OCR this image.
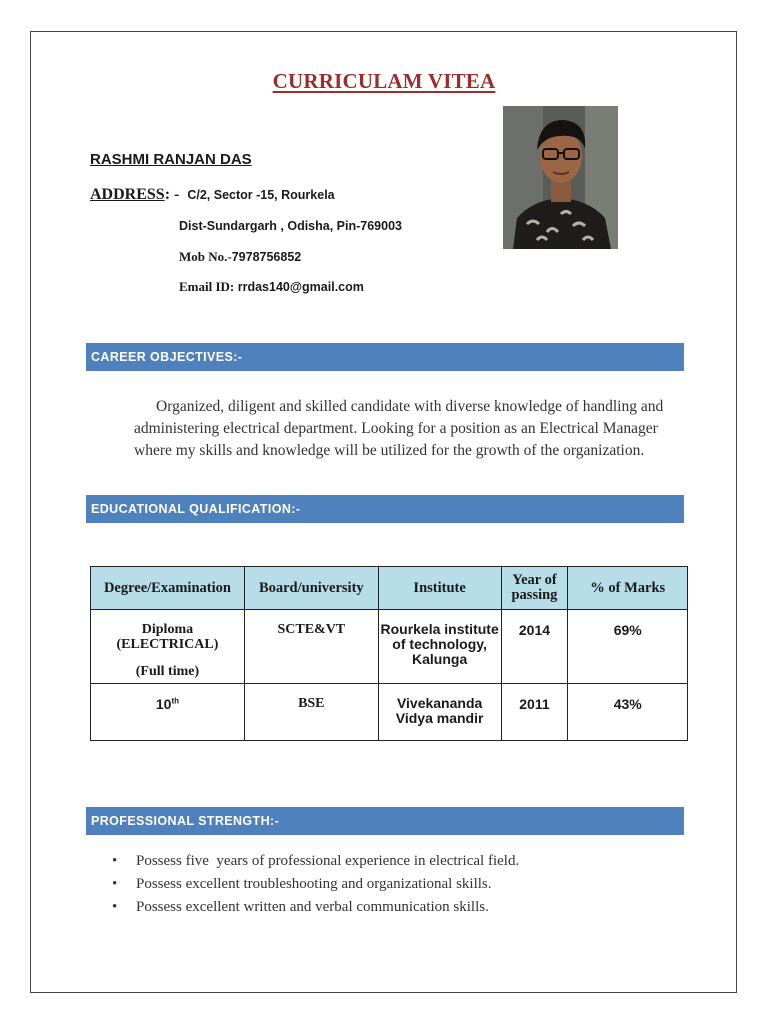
CURRICULAM VITEA
RASHMI RANJAN DAS
ADDRESS: - C/2, Sector -15, Rourkela
Dist-Sundargarh , Odisha, Pin-769003
Mob No.-7978756852
Email ID: rrdas140@gmail.com
CAREER OBJECTIVES:-
Organized, diligent and skilled candidate with diverse knowledge of handling and administering electrical department. Looking for a position as an Electrical Manager where my skills and knowledge will be utilized for the growth of the organization.
EDUCATIONAL QUALIFICATION:-
Degree/Examination	Board/university	Institute	Year of passing	% of Marks

Diploma
(ELECTRICAL)
(Full time)	SCTE&VT	Rourkela institute of technology, Kalunga	2014	69%
10th	BSE	Vivekananda Vidya mandir	2011	43%
PROFESSIONAL STRENGTH:-
• Possess five  years of professional experience in electrical field.
• Possess excellent troubleshooting and organizational skills.
• Possess excellent written and verbal communication skills.
